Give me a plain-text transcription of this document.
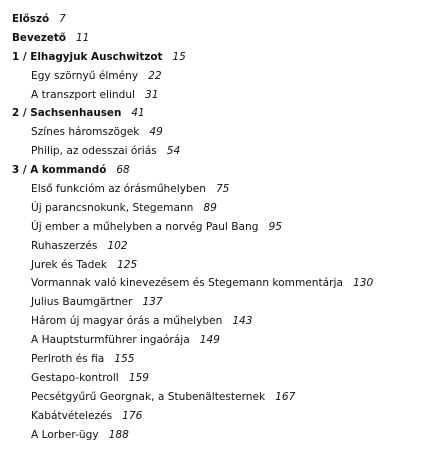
Előszó 7
Bevezető 11
1 / Elhagyjuk Auschwitzot 15
Egy szörnyű élmény 22
A transzport elindul 31
2 / Sachsenhausen 41
Színes háromszögek 49
Philip, az odesszai óriás 54
3 / A kommandó 68
Első funkcióm az órásműhelyben 75
Új parancsnokunk, Stegemann 89
Új ember a műhelyben a norvég Paul Bang 95
Ruhaszerzés 102
Jurek és Tadek 125
Vormannak való kinevezésem és Stegemann kommentárja 130
Julius Baumgärtner 137
Három új magyar órás a műhelyben 143
A Hauptsturmführer ingaórája 149
Perlroth és fia 155
Gestapo-kontroll 159
Pecsétgyűrű Georgnak, a Stubenältesternek 167
Kabátvételezés 176
A Lorber-ügy 188
